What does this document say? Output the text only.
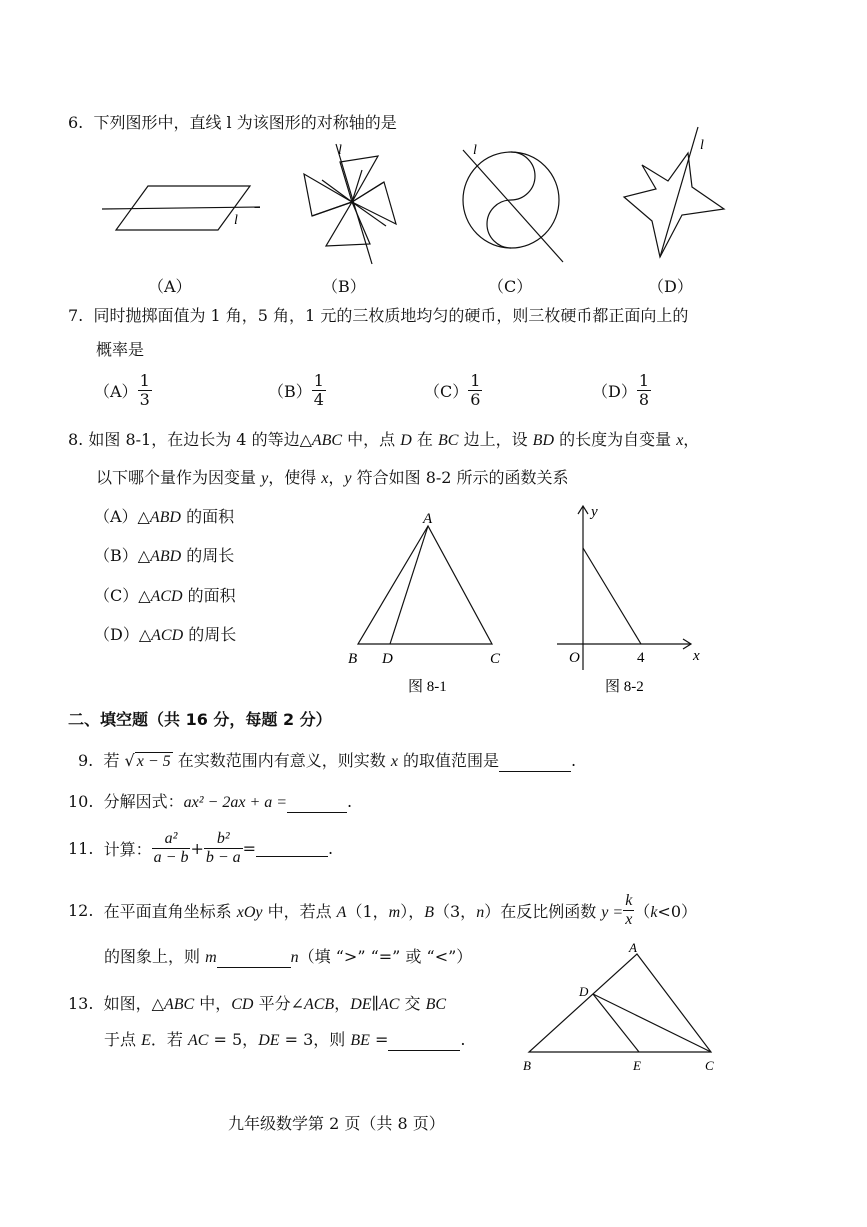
6. 下列图形中，直线 l 为该图形的对称轴的是
l
l	l	l
（A）	（B）	（C）	（D）
7. 同时抛掷面值为 1 角，5 角，1 元的三枚质地均匀的硬币，则三枚硬币都正面向上的
概率是
$(A) \frac{1}{3}$	$(B) \frac{1}{4}$	$(C) \frac{1}{6}$	$(D) \frac{1}{8}$
8. 如图 8-1，在边长为 4 的等边△ABC 中，点 D 在 BC 边上，设 BD 的长度为自变量 x，
以下哪个量作为因变量 y，使得 x，y 符合如图 8-2 所示的函数关系
（A）△ABD 的面积
（B）△ABD 的周长
（C）△ACD 的面积
（D）△ACD 的周长
A
B D	C
图 8-1
y
x
O	4
图 8-2
二、填空题（共 16 分，每题 2 分）
9. 若 √ x − 5 在实数范围内有意义，则实数 x 的取值范围是	.
10. 分解因式：ax² − 2ax + a =	.
11. 计算： $\frac{\text{a²}}{a - b} + \frac{\text{b²}}{b - a}$ =	.
12. 在平面直角坐标系 xOy 中，若点 A（1，m），B（3，n）在反比例函数 $y = \frac{k}{x} (k<0)$
的图象上，则 m	n（填 “>” “=” 或 “<”）
13. 如图，△ABC 中，CD 平分∠ACB，DE∥AC 交 BC
于点 E．若 AC = 5，DE = 3，则 BE =	.
A
D
B	E	C
九年级数学第 2 页（共 8 页）
